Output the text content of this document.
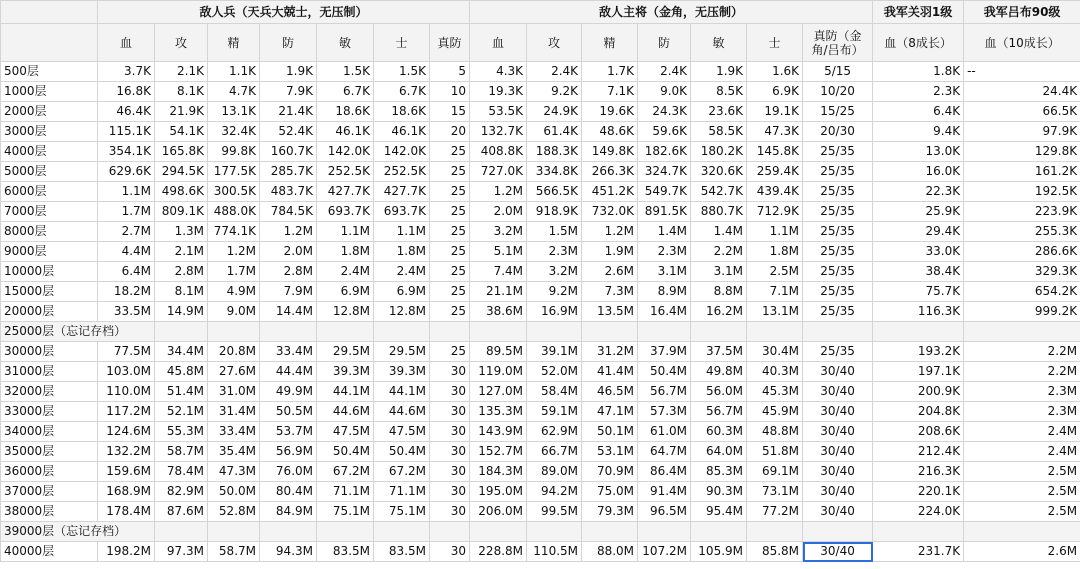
	敌人兵（天兵大兢士，无压制）							敌人主将（金角，无压制）							我军关羽1级	我军吕布90级
	血	攻	精	防	敏	士	真防	血	攻	精	防	敏	士	真防（金角/吕布）	血（8成长）	血（10成长）
500层	3.7K	2.1K	1.1K	1.9K	1.5K	1.5K	5	4.3K	2.4K	1.7K	2.4K	1.9K	1.6K	5/15	1.8K	--
1000层	16.8K	8.1K	4.7K	7.9K	6.7K	6.7K	10	19.3K	9.2K	7.1K	9.0K	8.5K	6.9K	10/20	2.3K	24.4K
2000层	46.4K	21.9K	13.1K	21.4K	18.6K	18.6K	15	53.5K	24.9K	19.6K	24.3K	23.6K	19.1K	15/25	6.4K	66.5K
3000层	115.1K	54.1K	32.4K	52.4K	46.1K	46.1K	20	132.7K	61.4K	48.6K	59.6K	58.5K	47.3K	20/30	9.4K	97.9K
4000层	354.1K	165.8K	99.8K	160.7K	142.0K	142.0K	25	408.8K	188.3K	149.8K	182.6K	180.2K	145.8K	25/35	13.0K	129.8K
5000层	629.6K	294.5K	177.5K	285.7K	252.5K	252.5K	25	727.0K	334.8K	266.3K	324.7K	320.6K	259.4K	25/35	16.0K	161.2K
6000层	1.1M	498.6K	300.5K	483.7K	427.7K	427.7K	25	1.2M	566.5K	451.2K	549.7K	542.7K	439.4K	25/35	22.3K	192.5K
7000层	1.7M	809.1K	488.0K	784.5K	693.7K	693.7K	25	2.0M	918.9K	732.0K	891.5K	880.7K	712.9K	25/35	25.9K	223.9K
8000层	2.7M	1.3M	774.1K	1.2M	1.1M	1.1M	25	3.2M	1.5M	1.2M	1.4M	1.4M	1.1M	25/35	29.4K	255.3K
9000层	4.4M	2.1M	1.2M	2.0M	1.8M	1.8M	25	5.1M	2.3M	1.9M	2.3M	2.2M	1.8M	25/35	33.0K	286.6K
10000层	6.4M	2.8M	1.7M	2.8M	2.4M	2.4M	25	7.4M	3.2M	2.6M	3.1M	3.1M	2.5M	25/35	38.4K	329.3K
15000层	18.2M	8.1M	4.9M	7.9M	6.9M	6.9M	25	21.1M	9.2M	7.3M	8.9M	8.8M	7.1M	25/35	75.7K	654.2K
20000层	33.5M	14.9M	9.0M	14.4M	12.8M	12.8M	25	38.6M	16.9M	13.5M	16.4M	16.2M	13.1M	25/35	116.3K	999.2K
25000层（忘记存档）																
30000层	77.5M	34.4M	20.8M	33.4M	29.5M	29.5M	25	89.5M	39.1M	31.2M	37.9M	37.5M	30.4M	25/35	193.2K	2.2M
31000层	103.0M	45.8M	27.6M	44.4M	39.3M	39.3M	30	119.0M	52.0M	41.4M	50.4M	49.8M	40.3M	30/40	197.1K	2.2M
32000层	110.0M	51.4M	31.0M	49.9M	44.1M	44.1M	30	127.0M	58.4M	46.5M	56.7M	56.0M	45.3M	30/40	200.9K	2.3M
33000层	117.2M	52.1M	31.4M	50.5M	44.6M	44.6M	30	135.3M	59.1M	47.1M	57.3M	56.7M	45.9M	30/40	204.8K	2.3M
34000层	124.6M	55.3M	33.4M	53.7M	47.5M	47.5M	30	143.9M	62.9M	50.1M	61.0M	60.3M	48.8M	30/40	208.6K	2.4M
35000层	132.2M	58.7M	35.4M	56.9M	50.4M	50.4M	30	152.7M	66.7M	53.1M	64.7M	64.0M	51.8M	30/40	212.4K	2.4M
36000层	159.6M	78.4M	47.3M	76.0M	67.2M	67.2M	30	184.3M	89.0M	70.9M	86.4M	85.3M	69.1M	30/40	216.3K	2.5M
37000层	168.9M	82.9M	50.0M	80.4M	71.1M	71.1M	30	195.0M	94.2M	75.0M	91.4M	90.3M	73.1M	30/40	220.1K	2.5M
38000层	178.4M	87.6M	52.8M	84.9M	75.1M	75.1M	30	206.0M	99.5M	79.3M	96.5M	95.4M	77.2M	30/40	224.0K	2.5M
39000层（忘记存档）																
40000层	198.2M	97.3M	58.7M	94.3M	83.5M	83.5M	30	228.8M	110.5M	88.0M	107.2M	105.9M	85.8M	30/40	231.7K	2.6M
